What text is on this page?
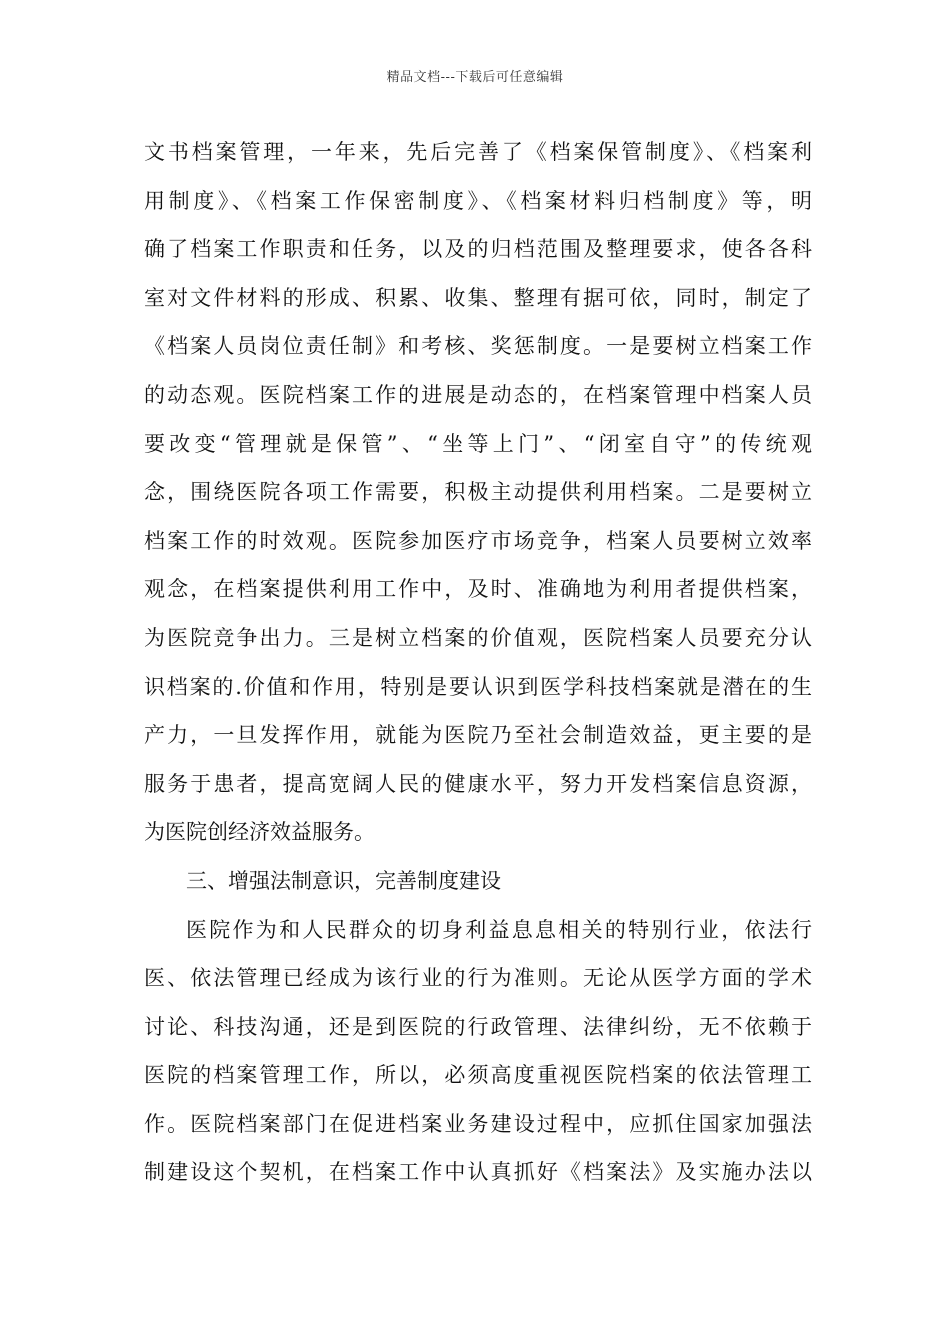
精品文档---下载后可任意编辑
文书档案管理，一年来，先后完善了《档案保管制度》、《档案利
用制度》、《档案工作保密制度》、《档案材料归档制度》等，明
确了档案工作职责和任务，以及的归档范围及整理要求，使各各科
室对文件材料的形成、积累、收集、整理有据可依，同时，制定了
《档案人员岗位责任制》和考核、奖惩制度。一是要树立档案工作
的动态观。医院档案工作的进展是动态的，在档案管理中档案人员
要改变“管理就是保管”、“坐等上门”、“闭室自守”的传统观
念，围绕医院各项工作需要，积极主动提供利用档案。二是要树立
档案工作的时效观。医院参加医疗市场竞争，档案人员要树立效率
观念，在档案提供利用工作中，及时、准确地为利用者提供档案，
为医院竞争出力。三是树立档案的价值观，医院档案人员要充分认
识档案的.价值和作用，特别是要认识到医学科技档案就是潜在的生
产力，一旦发挥作用，就能为医院乃至社会制造效益，更主要的是
服务于患者，提高宽阔人民的健康水平，努力开发档案信息资源，
为医院创经济效益服务。
三、增强法制意识，完善制度建设
医院作为和人民群众的切身利益息息相关的特别行业，依法行
医、依法管理已经成为该行业的行为准则。无论从医学方面的学术
讨论、科技沟通，还是到医院的行政管理、法律纠纷，无不依赖于
医院的档案管理工作，所以，必须高度重视医院档案的依法管理工
作。医院档案部门在促进档案业务建设过程中，应抓住国家加强法
制建设这个契机，在档案工作中认真抓好《档案法》及实施办法以
